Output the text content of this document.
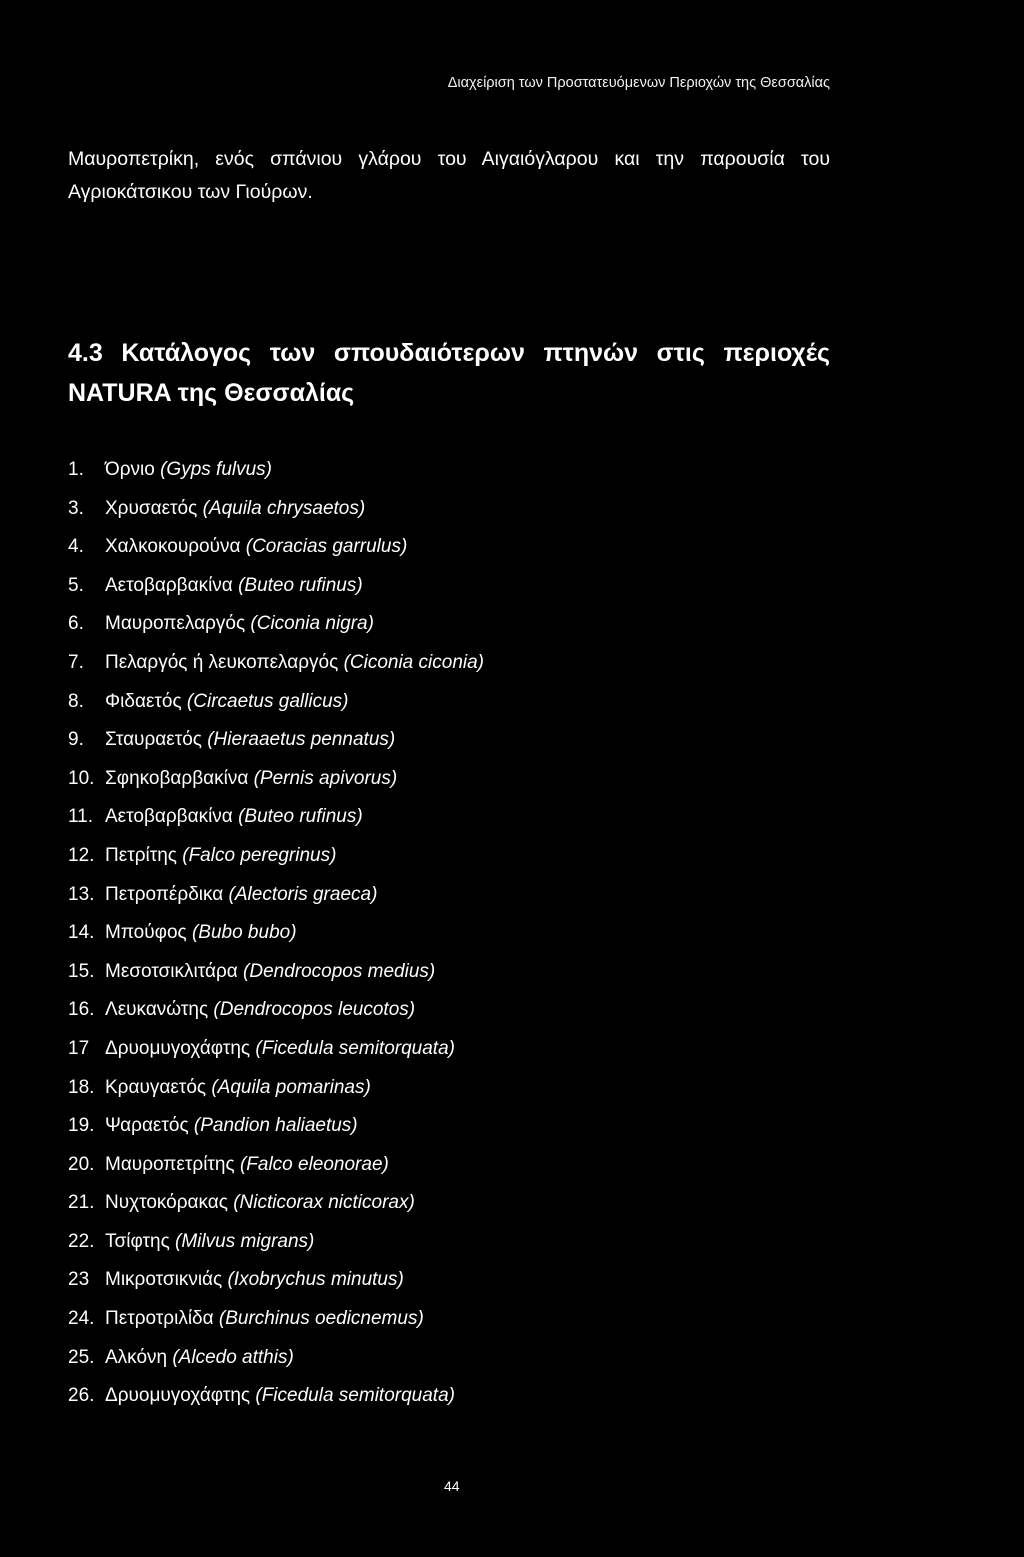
Διαχείριση των Προστατευόμενων Περιοχών της Θεσσαλίας
Μαυροπετρίκη, ενός σπάνιου γλάρου του Αιγαιόγλαρου και την παρουσία του Αγριοκάτσικου των Γιούρων.
4.3 Κατάλογος των σπουδαιότερων πτηνών στις περιοχές
NATURA της Θεσσαλίας
1.	Όρνιο (Gyps fulvus)
3.	Χρυσαετός (Aquila chrysaetos)
4.	Χαλκοκουρούνα (Coracias garrulus)
5.	Αετοβαρβακίνα (Buteo rufinus)
6.	Μαυροπελαργός (Ciconia nigra)
7.	Πελαργός ή λευκοπελαργός (Ciconia ciconia)
8.	Φιδαετός (Circaetus gallicus)
9.	Σταυραετός (Hieraaetus pennatus)
10. Σφηκοβαρβακίνα (Pernis apivorus)
11. Αετοβαρβακίνα (Buteo rufinus)
12. Πετρίτης (Falco peregrinus)
13. Πετροπέρδικα (Alectoris graeca)
14. Μπούφος (Bubo bubo)
15. Μεσοτσικλιτάρα (Dendrocopos medius)
16. Λευκανώτης (Dendrocopos leucotos)
17 Δρυομυγοχάφτης (Ficedula semitorquata)
18. Κραυγαετός (Aquila pomarinas)
19. Ψαραετός (Pandion haliaetus)
20. Μαυροπετρίτης (Falco eleonorae)
21. Νυχτοκόρακας (Nicticorax nicticorax)
22. Τσίφτης (Milvus migrans)
23 Μικροτσικνιάς (Ixobrychus minutus)
24. Πετροτριλίδα (Burchinus oedicnemus)
25. Αλκόνη (Alcedo atthis)
26. Δρυομυγοχάφτης (Ficedula semitorquata)
44
